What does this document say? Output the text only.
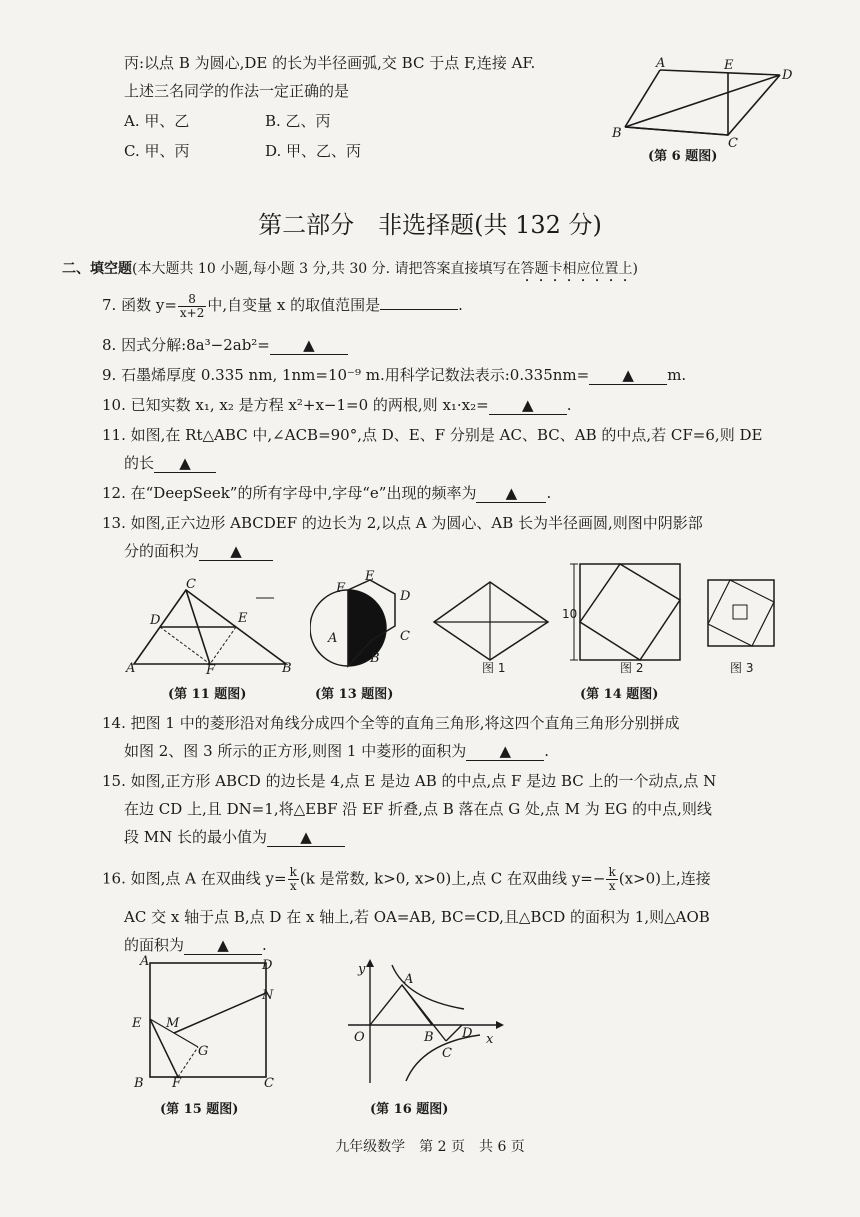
丙:以点 B 为圆心,DE 的长为半径画弧,交 BC 于点 F,连接 AF.
上述三名同学的作法一定正确的是
A. 甲、乙	B. 乙、丙
C. 甲、丙	D. 甲、乙、丙
A	E
D
B
C
(第 6 题图)
第二部分　非选择题(共 132 分)
二、填空题(本大题共 10 小题,每小题 3 分,共 30 分. 请把答案直接填写在答题卡相应位置上)
7. 函数 $y= \frac{8}{x+2}$ 中,自变量 x 的取值范围是	.
8. 因式分解:8a³−2ab²= ▲
9. 石墨烯厚度 0.335 nm, 1nm=10⁻⁹ m.用科学记数法表示:0.335nm= ▲ m.
10. 已知实数 x₁, x₂ 是方程 x²+x−1=0 的两根,则 x₁·x₂= ▲ .
11. 如图,在 Rt△ABC 中,∠ACB=90°,点 D、E、F 分别是 AC、BC、AB 的中点,若 CF=6,则 DE
的长 ▲
12. 在“DeepSeek”的所有字母中,字母“e”出现的频率为 ▲ .
13. 如图,正六边形 ABCDEF 的边长为 2,以点 A 为圆心、AB 长为半径画圆,则图中阴影部
分的面积为 ▲
C
D	E
A	F	B
(第 11 题图)
F
E
D
A	C
B
(第 13 题图)
图 1
10
图 2	图 3
(第 14 题图)
14. 把图 1 中的菱形沿对角线分成四个全等的直角三角形,将这四个直角三角形分别拼成
如图 2、图 3 所示的正方形,则图 1 中菱形的面积为 ▲ .
15. 如图,正方形 ABCD 的边长是 4,点 E 是边 AB 的中点,点 F 是边 BC 上的一个动点,点 N
在边 CD 上,且 DN=1,将△EBF 沿 EF 折叠,点 B 落在点 G 处,点 M 为 EG 的中点,则线
段 MN 长的最小值为 ▲
16. 如图,点 A 在双曲线 $y= \frac{k}{x} (k$ 是常数, k>0, x>0)上,点 C 在双曲线 $y=- \frac{k}{x} (x>0)$上,连接
AC 交 x 轴于点 B,点 D 在 x 轴上,若 OA=AB, BC=CD,且△BCD 的面积为 1,则△AOB
的面积为 ▲ .
A	D
N
E M
G
B F	C
(第 15 题图)
y
A
O	B D x
C
(第 16 题图)
九年级数学　第 2 页　共 6 页
